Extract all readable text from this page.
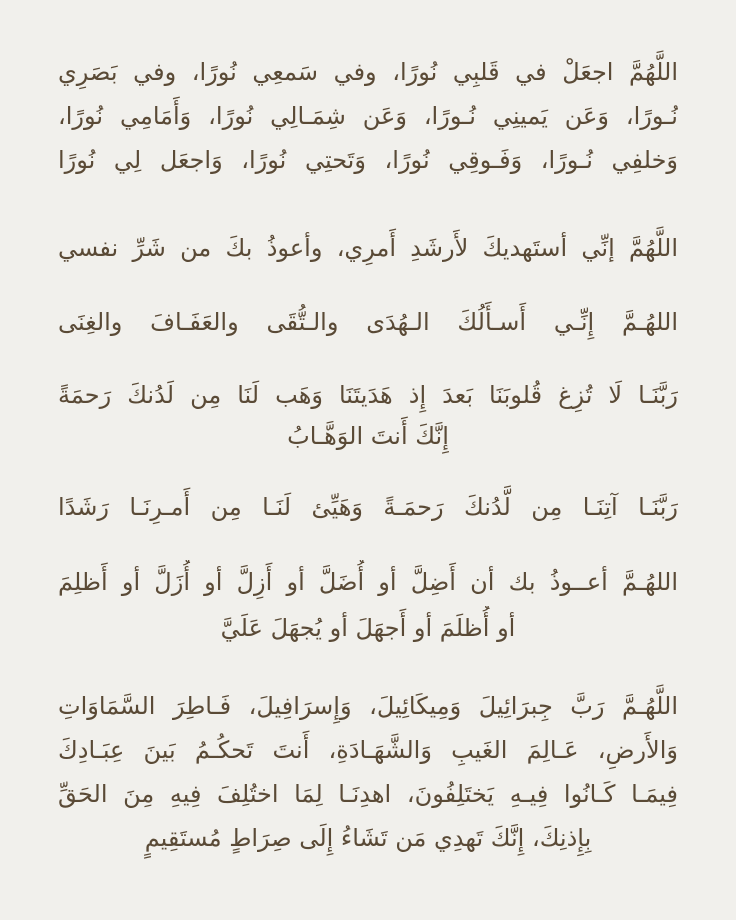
اللَّهُمَّ اجعَلْ في قَلبِي نُورًا، وفي سَمعِي نُورًا، وفي بَصَرِي
نُـورًا، وَعَن يَمينِي نُـورًا، وَعَن شِمَـالِي نُورًا، وَأَمَامِي نُورًا،
وَخلفِي نُـورًا، وَفَـوقِي نُورًا، وَتَحتِي نُورًا، وَاجعَل لِي نُورًا
اللَّهُمَّ إنِّي أستَهديكَ لأَرشَدِ أَمرِي، وأعوذُ بكَ من شَرِّ نفسي
اللهُـمَّ إِنِّـي أَسـأَلُكَ الـهُدَى والـتُّقَى والعَفَـافَ والغِنَى
رَبَّنَـا لَا تُزِغ قُلوبَنَا بَعدَ إِذ هَدَيتَنَا وَهَب لَنَا مِن لَدُنكَ رَحمَةً
إِنَّكَ أَنتَ الوَهَّـابُ
رَبَّنَـا آتِنَـا مِن لَّدُنكَ رَحمَـةً وَهَيِّئ لَنَـا مِن أَمـرِنَـا رَشَدًا
اللهُـمَّ أعــوذُ بك أن أَضِلَّ أو أُضَلَّ أو أَزِلَّ أو أُزَلَّ أو أَظلِمَ
أو أُظلَمَ أو أَجهَلَ أو يُجهَلَ عَلَيَّ
اللَّهُـمَّ رَبَّ جِبرَائِيلَ وَمِيكَائِيلَ، وَإِسرَافِيلَ، فَـاطِرَ السَّمَاوَاتِ
وَالأَرضِ، عَـالِمَ الغَيبِ وَالشَّهَـادَةِ، أَنتَ تَحكُـمُ بَينَ عِبَـادِكَ
فِيمَـا كَـانُوا فِيـهِ يَختَلِفُونَ، اهدِنَـا لِمَا اختُلِفَ فِيهِ مِنَ الحَقِّ
بِإِذنِكَ، إِنَّكَ تَهدِي مَن تَشَاءُ إِلَى صِرَاطٍ مُستَقِيمٍ
